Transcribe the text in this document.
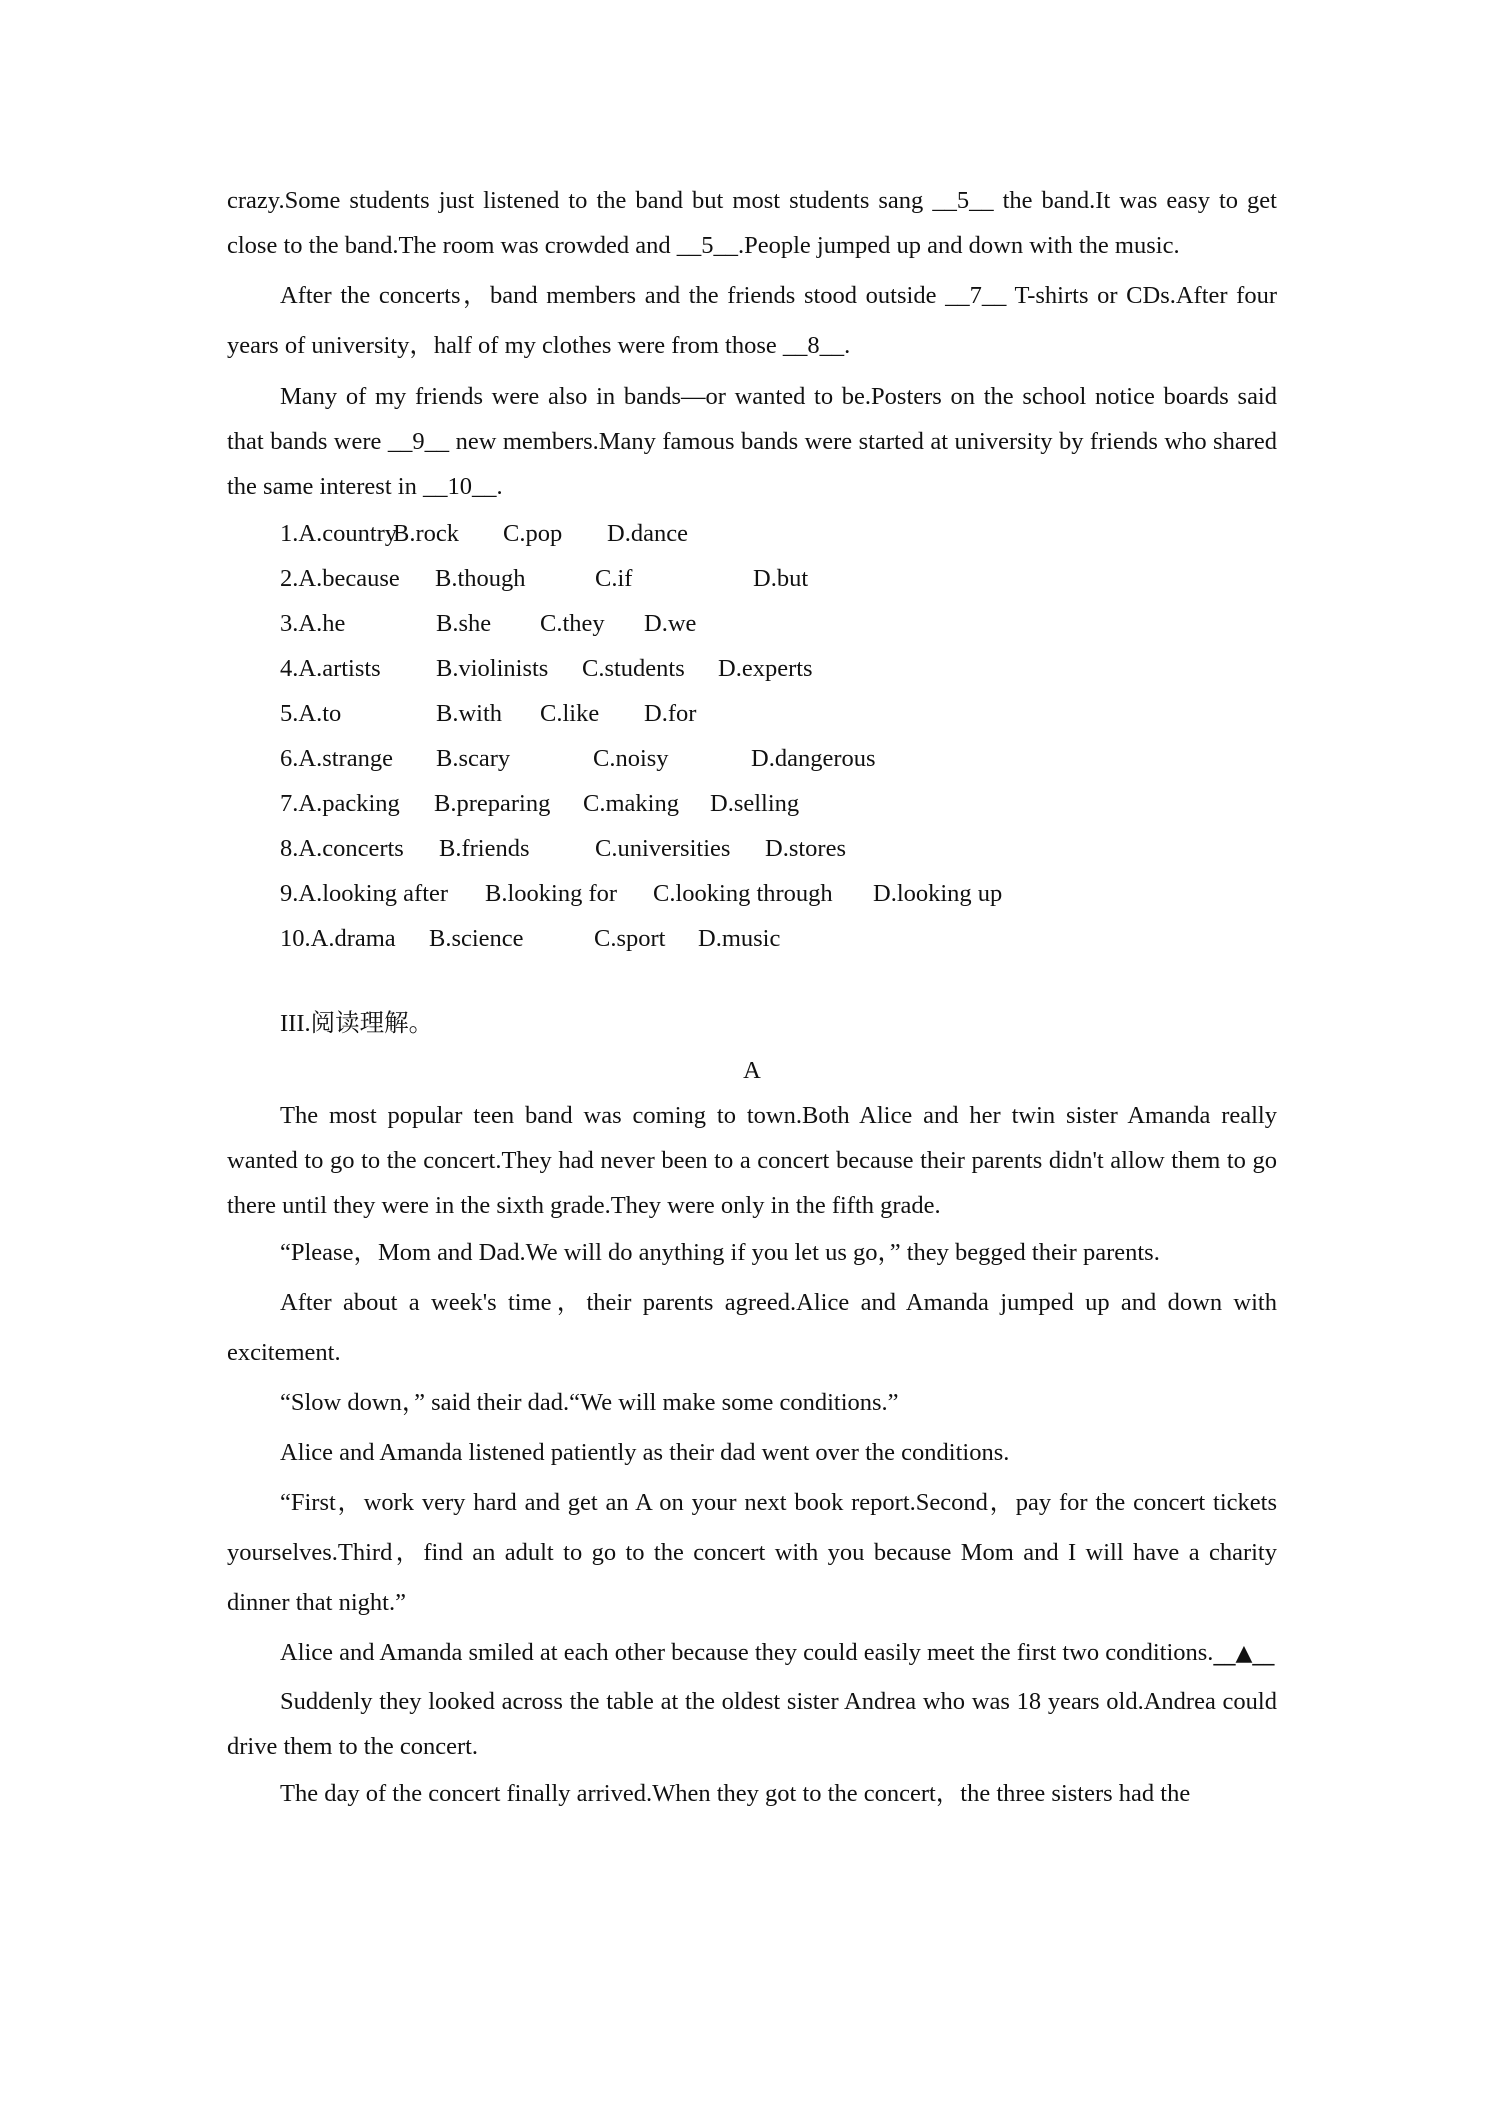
crazy.Some students just listened to the band but most students sang __5__ the band.It was easy to get close to the band.The room was crowded and __5__.People jumped up and down with the music.

After the concerts，band members and the friends stood outside __7__ T-shirts or CDs.After four years of university，half of my clothes were from those __8__.

Many of my friends were also in bands—or wanted to be.Posters on the school notice boards said that bands were __9__ new members.Many famous bands were started at university by friends who shared the same interest in __10__.

1.A.country
B.rock	C.pop	D.dance
2.A.because	B.though	C.if	D.but
3.A.he	B.she	C.they	D.we
4.A.artists	B.violinists	C.students	D.experts
5.A.to	B.with	C.like	D.for
6.A.strange	B.scary	C.noisy	D.dangerous
7.A.packing	B.preparing	C.making	D.selling
8.A.concerts	B.friends	C.universities	D.stores
9.A.looking after	B.looking for	C.looking through	D.looking up
10.A.drama	B.science	C.sport	D.music
III.阅读理解。
A

The most popular teen band was coming to town.Both Alice and her twin sister Amanda really wanted to go to the concert.They had never been to a concert because their parents didn't allow them to go there until they were in the sixth grade.They were only in the fifth grade.

“Please，Mom and Dad.We will do anything if you let us go，” they begged their parents.

After about a week's time，their parents agreed.Alice and Amanda jumped up and down with excitement.

“Slow down，” said their dad.“We will make some conditions.”

Alice and Amanda listened patiently as their dad went over the conditions.

“First，work very hard and get an A on your next book report.Second，pay for the concert tickets yourselves.Third，find an adult to go to the concert with you because Mom and I will have a charity dinner that night.”

Alice and Amanda smiled at each other because they could easily meet the first two conditions.__▲__

Suddenly they looked across the table at the oldest sister Andrea who was 18 years old.Andrea could drive them to the concert.

The day of the concert finally arrived.When they got to the concert，the three sisters had the
